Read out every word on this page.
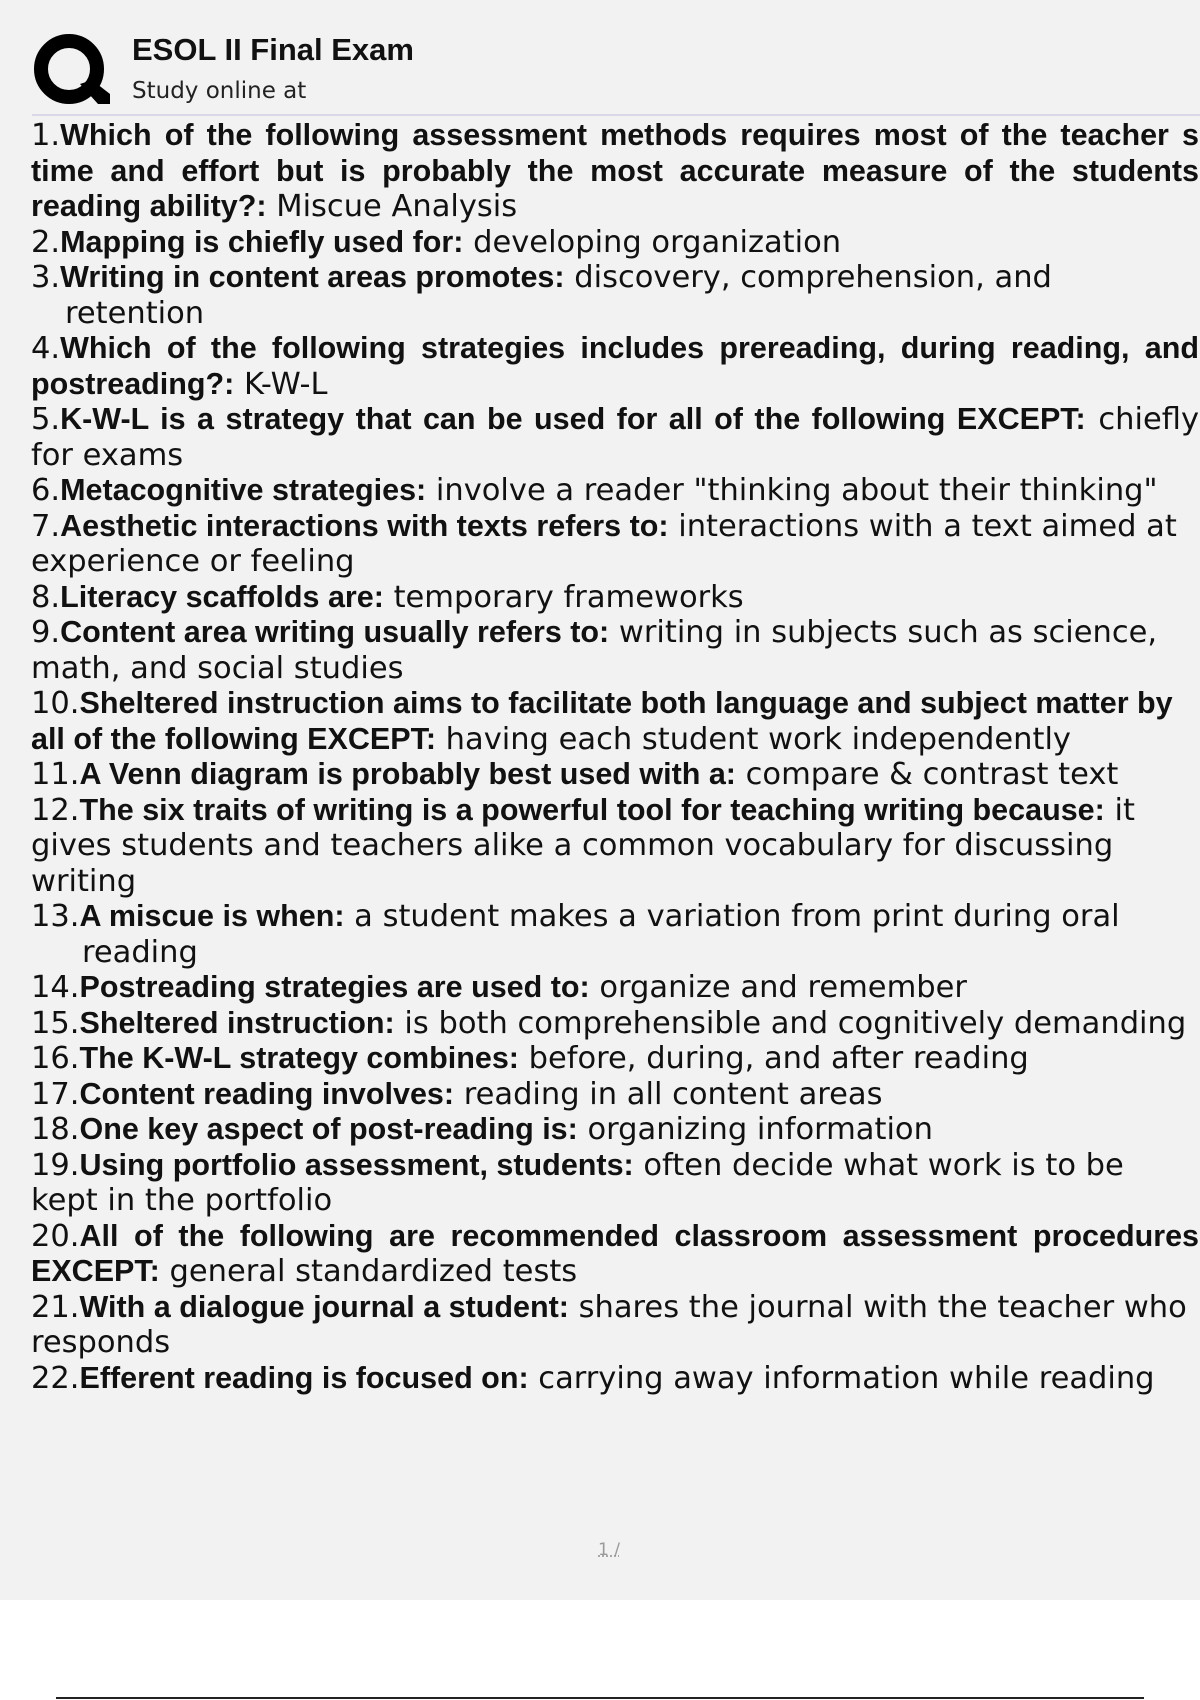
ESOL II Final Exam
Study online at
1.Which of the following assessment methods requires most of the teacher s time and effort but is probably the most accurate measure of the students reading ability?: Miscue Analysis
2.Mapping is chiefly used for: developing organization
3.Writing in content areas promotes: discovery, comprehension, and retention
4.Which of the following strategies includes prereading, during reading, and postreading?: K-W-L
5.K-W-L is a strategy that can be used for all of the following EXCEPT: chiefly for exams
6.Metacognitive strategies: involve a reader "thinking about their thinking"
7.Aesthetic interactions with texts refers to: interactions with a text aimed at experience or feeling
8.Literacy scaffolds are: temporary frameworks
9.Content area writing usually refers to: writing in subjects such as science, math, and social studies
10.Sheltered instruction aims to facilitate both language and subject matter by all of the following EXCEPT: having each student work independently
11.A Venn diagram is probably best used with a: compare & contrast text
12.The six traits of writing is a powerful tool for teaching writing because: it gives students and teachers alike a common vocabulary for discussing writing
13.A miscue is when: a student makes a variation from print during oral reading
14.Postreading strategies are used to: organize and remember
15.Sheltered instruction: is both comprehensible and cognitively demanding
16.The K-W-L strategy combines: before, during, and after reading
17.Content reading involves: reading in all content areas
18.One key aspect of post-reading is: organizing information
19.Using portfolio assessment, students: often decide what work is to be kept in the portfolio
20.All of the following are recommended classroom assessment procedures EXCEPT: general standardized tests
21.With a dialogue journal a student: shares the journal with the teacher who responds
22.Efferent reading is focused on: carrying away information while reading
1 /
